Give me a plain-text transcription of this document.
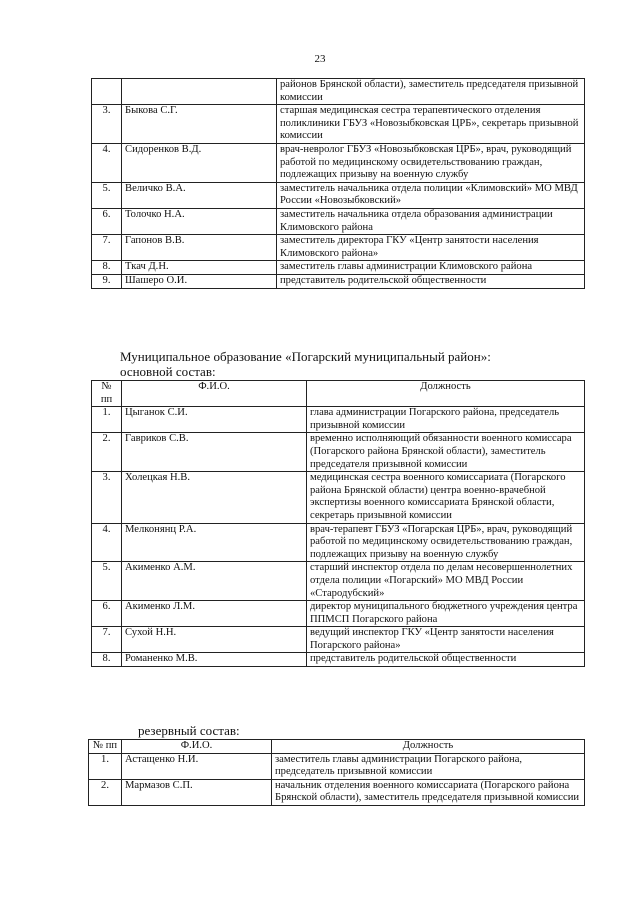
23
		районов Брянской области), заместитель председателя призывной комиссии
3.	Быкова С.Г.	старшая медицинская сестра терапевтического отделения поликлиники ГБУЗ «Новозыбковская ЦРБ», секретарь призывной комиссии
4.	Сидоренков В.Д.	врач-невролог ГБУЗ «Новозыбковская ЦРБ», врач, руководящий работой по медицинскому освидетельствованию граждан, подлежащих призыву на военную службу
5.	Величко В.А.	заместитель начальника отдела полиции «Климовский» МО МВД России «Новозыбковский»
6.	Толочко Н.А.	заместитель начальника отдела образования администрации Климовского района
7.	Гапонов В.В.	заместитель директора ГКУ «Центр занятости населения Климовского района»
8.	Ткач Д.Н.	заместитель главы администрации Климовского района
9.	Шашеро О.И.	представитель родительской общественности
Муниципальное образование «Погарский муниципальный район»:
основной состав:
№ пп	Ф.И.О.	Должность
1.	Цыганок С.И.	глава администрации Погарского района, председатель призывной комиссии
2.	Гавриков С.В.	временно исполняющий обязанности военного комиссара (Погарского района Брянской области), заместитель председателя призывной комиссии
3.	Холецкая Н.В.	медицинская сестра военного комиссариата (Погарского района Брянской области) центра военно-врачебной экспертизы военного комиссариата Брянской области, секретарь призывной комиссии
4.	Мелконянц Р.А.	врач-терапевт ГБУЗ «Погарская ЦРБ», врач, руководящий работой по медицинскому освидетельствованию граждан, подлежащих призыву на военную службу
5.	Акименко А.М.	старший инспектор отдела по делам несовершеннолетних отдела полиции «Погарский» МО МВД России «Стародубский»
6.	Акименко Л.М.	директор муниципального бюджетного учреждения центра ППМСП Погарского района
7.	Сухой Н.Н.	ведущий инспектор ГКУ «Центр занятости населения Погарского района»
8.	Романенко М.В.	представитель родительской общественности
резервный состав:
№ пп	Ф.И.О.	Должность
1.	Астащенко Н.И.	заместитель главы администрации Погарского района, председатель призывной комиссии
2.	Мармазов С.П.	начальник отделения военного комиссариата (Погарского района Брянской области), заместитель председателя призывной комиссии
